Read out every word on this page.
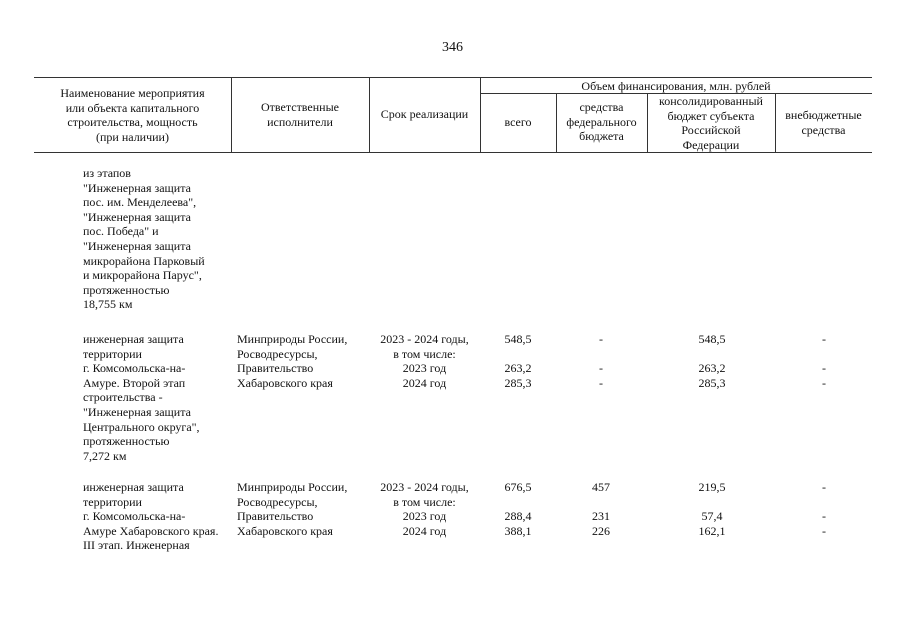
346
Наименование мероприятия
или объекта капитального
строительства, мощность
(при наличии)
Ответственные
исполнители
Срок реализации
Объем финансирования, млн. рублей
всего
средства
федерального
бюджета
консолидированный
бюджет субъекта
Российской
Федерации
внебюджетные
средства
из этапов
"Инженерная защита
пос. им. Менделеева",
"Инженерная защита
пос. Победа" и
"Инженерная защита
микрорайона Парковый
и микрорайона Парус",
протяженностью
18,755 км
инженерная защита
территории
г. Комсомольска-на-
Амуре. Второй этап
строительства -
"Инженерная защита
Центрального округа",
протяженностью
7,272 км
Минприроды России,
Росводресурсы,
Правительство
Хабаровского края
2023 - 2024 годы,
в том числе:
2023 год
2024 год
548,5

263,2
285,3
-

-
-
548,5

263,2
285,3
-

-
-
инженерная защита
территории
г. Комсомольска-на-
Амуре Хабаровского края.
III этап. Инженерная
Минприроды России,
Росводресурсы,
Правительство
Хабаровского края
2023 - 2024 годы,
в том числе:
2023 год
2024 год
676,5

288,4
388,1
457

231
226
219,5

57,4
162,1
-

-
-
